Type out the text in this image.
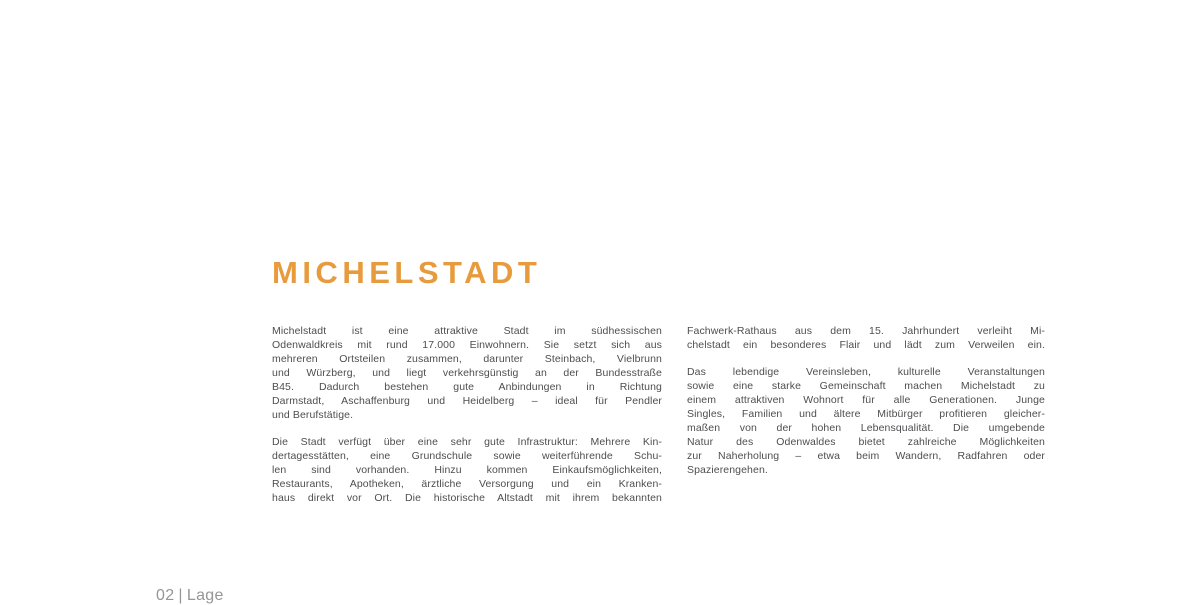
MICHELSTADT
Michelstadt ist eine attraktive Stadt im südhessischen
Odenwaldkreis mit rund 17.000 Einwohnern. Sie setzt sich aus
mehreren Ortsteilen zusammen, darunter Steinbach, Vielbrunn
und Würzberg, und liegt verkehrsgünstig an der Bundesstraße
B45. Dadurch bestehen gute Anbindungen in Richtung
Darmstadt, Aschaffenburg und Heidelberg – ideal für Pendler
und Berufstätige.
Die Stadt verfügt über eine sehr gute Infrastruktur: Mehrere Kin-
dertagesstätten, eine Grundschule sowie weiterführende Schu-
len sind vorhanden. Hinzu kommen Einkaufsmöglichkeiten,
Restaurants, Apotheken, ärztliche Versorgung und ein Kranken-
haus direkt vor Ort. Die historische Altstadt mit ihrem bekannten
Fachwerk-Rathaus aus dem 15. Jahrhundert verleiht Mi-
chelstadt ein besonderes Flair und lädt zum Verweilen ein.
Das lebendige Vereinsleben, kulturelle Veranstaltungen
sowie eine starke Gemeinschaft machen Michelstadt zu
einem attraktiven Wohnort für alle Generationen. Junge
Singles, Familien und ältere Mitbürger profitieren gleicher-
maßen von der hohen Lebensqualität. Die umgebende
Natur des Odenwaldes bietet zahlreiche Möglichkeiten
zur Naherholung – etwa beim Wandern, Radfahren oder
Spazierengehen.
02 | Lage
